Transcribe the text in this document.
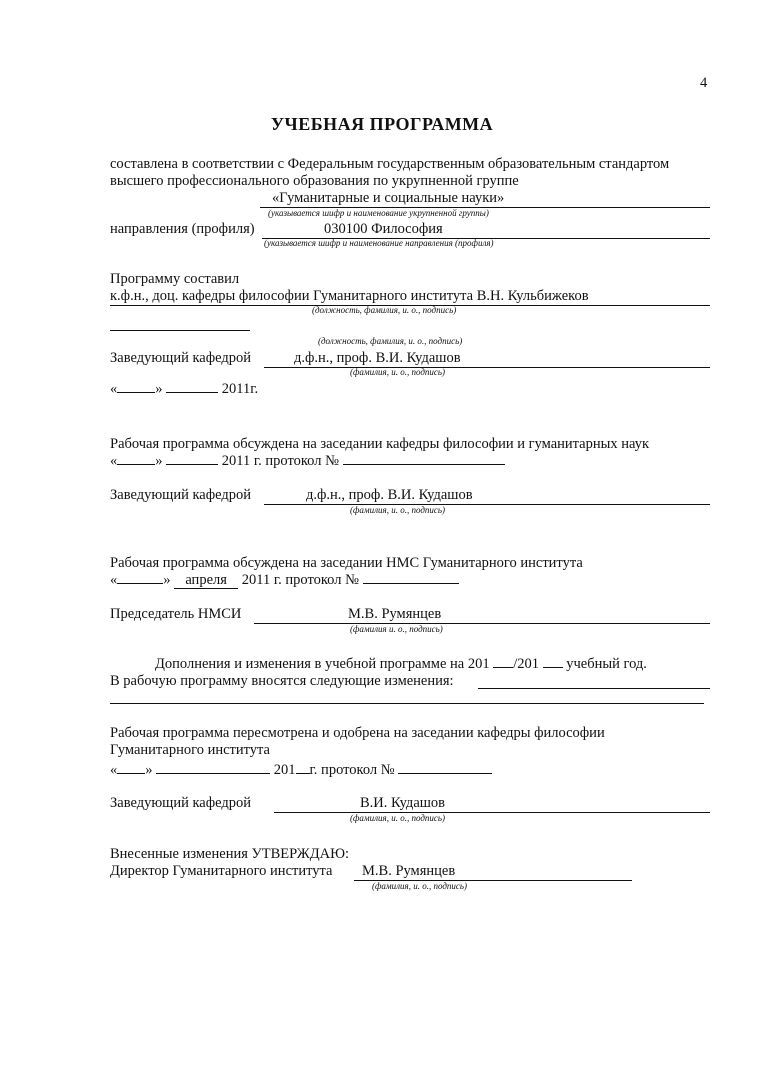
4
УЧЕБНАЯ ПРОГРАММА
составлена в соответствии с Федеральным государственным образовательным стандартом
высшего профессионального образования по укрупненной группе
«Гуманитарные и социальные науки»
(указывается шифр и наименование укрупненной группы)
направления (профиля)	030100 Философия
(указывается шифр и наименование направления (профиля)
Программу составил
к.ф.н., доц. кафедры философии Гуманитарного института В.Н. Кульбижеков
(должность, фамилия, и. о., подпись)
(должность, фамилия, и. о., подпись)
Заведующий кафедрой	д.ф.н., проф. В.И. Кудашов
(фамилия, и. о., подпись)
«	»	2011г.
Рабочая программа обсуждена на заседании кафедры философии и гуманитарных наук
«	»	2011 г. протокол №
Заведующий кафедрой	д.ф.н., проф. В.И. Кудашов
(фамилия, и. о., подпись)
Рабочая программа обсуждена на заседании НМС Гуманитарного института
«	» апреля 2011 г. протокол №
Председатель НМСИ	М.В. Румянцев
(фамилия и. о., подпись)
Дополнения и изменения в учебной программе на 201 /201 учебный год.
В рабочую программу вносятся следующие изменения:
Рабочая программа пересмотрена и одобрена на заседании кафедры философии
Гуманитарного института
« »	201 г. протокол №
Заведующий кафедрой	В.И. Кудашов
(фамилия, и. о., подпись)
Внесенные изменения УТВЕРЖДАЮ:
Директор Гуманитарного института	М.В. Румянцев
(фамилия, и. о., подпись)
